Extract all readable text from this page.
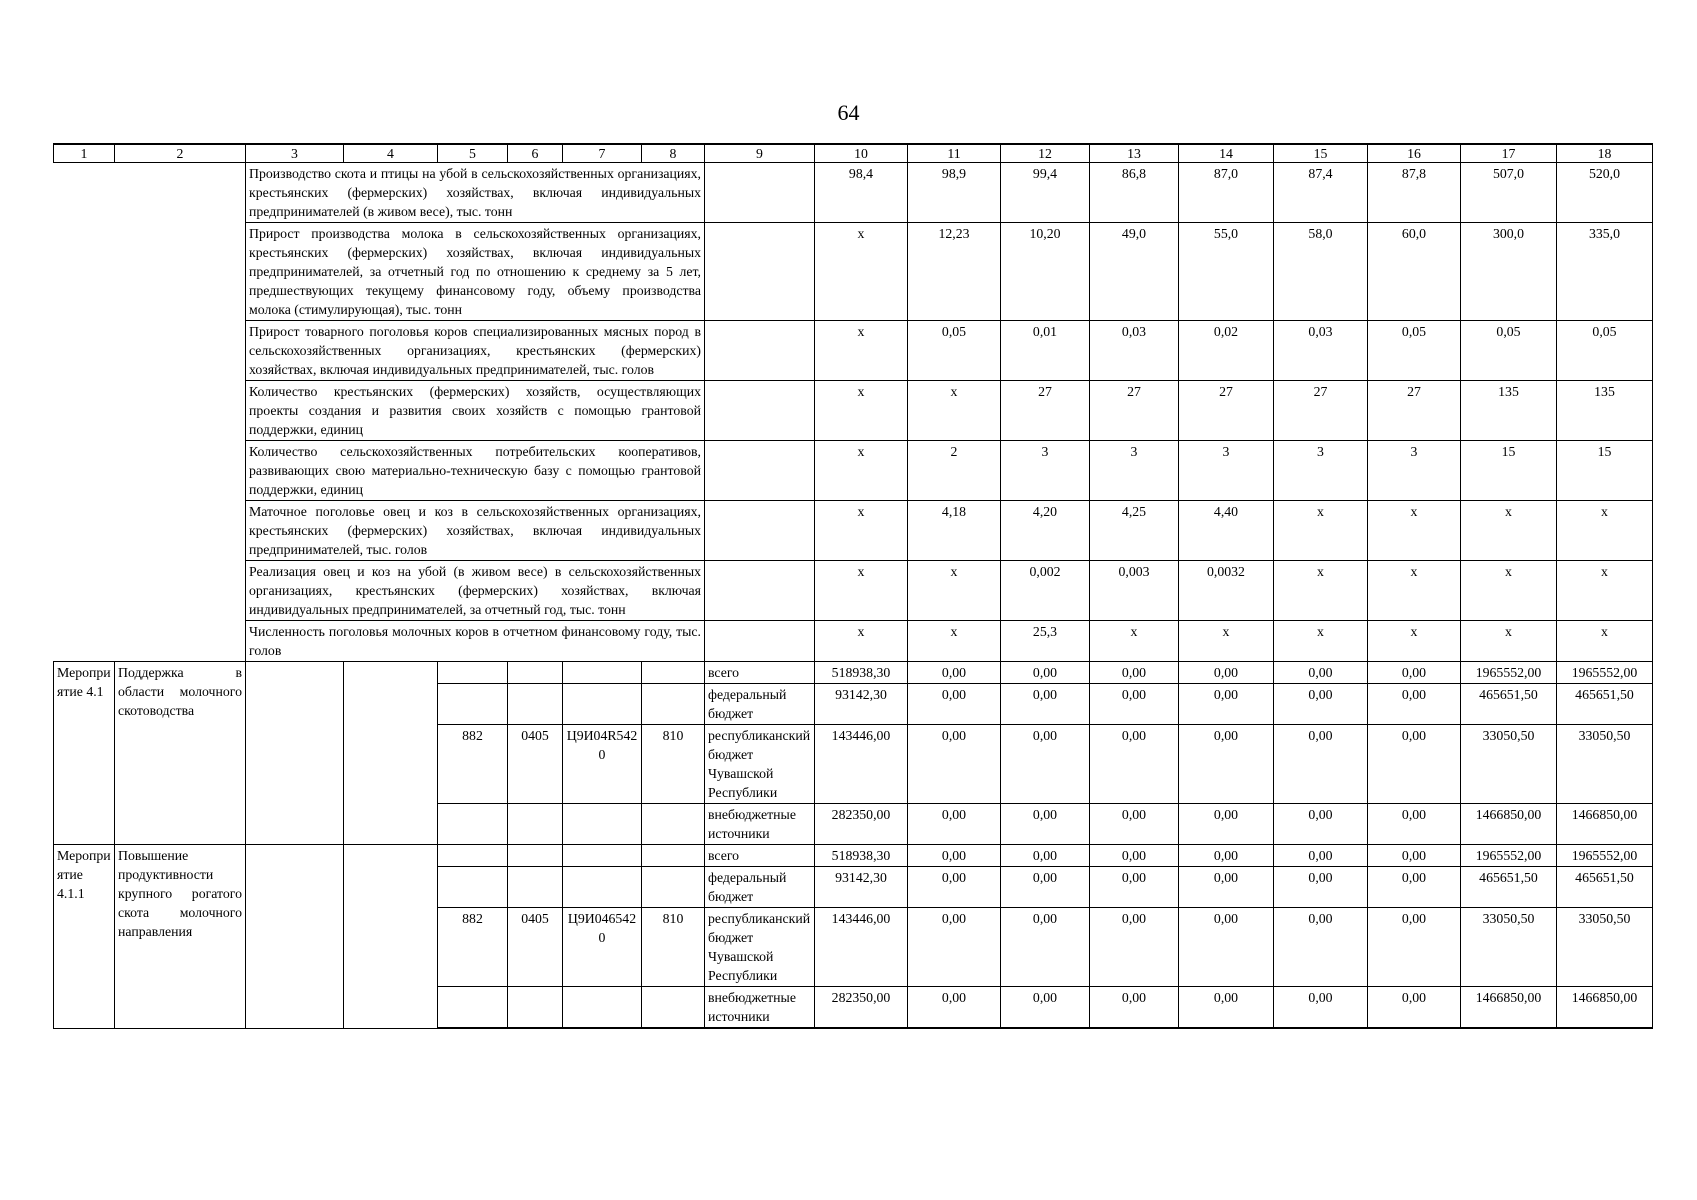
64
1	2	3	4	5	6	7	8	9	10	11	12	13	14	15	16	17	18
		Производство скота и птицы на убой в сельскохозяйственных организациях, крестьянских (фермерских) хозяйствах, включая индивидуальных предпринимателей (в живом весе), тыс. тонн							98,4	98,9	99,4	86,8	87,0	87,4	87,8	507,0	520,0
		Прирост производства молока в сельскохозяйственных организациях, крестьянских (фермерских) хозяйствах, включая индивидуальных предпринимателей, за отчетный год по отношению к среднему за 5 лет, предшествующих текущему финансовому году, объему производства молока (стимулирующая), тыс. тонн							х	12,23	10,20	49,0	55,0	58,0	60,0	300,0	335,0
		Прирост товарного поголовья коров специализированных мясных пород в сельскохозяйственных организациях, крестьянских (фермерских) хозяйствах, включая индивидуальных предпринимателей, тыс. голов							х	0,05	0,01	0,03	0,02	0,03	0,05	0,05	0,05
		Количество крестьянских (фермерских) хозяйств, осуществляющих проекты создания и развития своих хозяйств с помощью грантовой поддержки, единиц							х	х	27	27	27	27	27	135	135
		Количество сельскохозяйственных потребительских кооперативов, развивающих свою материально-техническую базу с помощью грантовой поддержки, единиц							х	2	3	3	3	3	3	15	15
		Маточное поголовье овец и коз в сельскохозяйственных организациях, крестьянских (фермерских) хозяйствах, включая индивидуальных предпринимателей, тыс. голов							х	4,18	4,20	4,25	4,40	х	х	х	х
		Реализация овец и коз на убой (в живом весе) в сельскохозяйственных организациях, крестьянских (фермерских) хозяйствах, включая индивидуальных предпринимателей, за отчетный год, тыс. тонн							х	х	0,002	0,003	0,0032	х	х	х	х
		Численность поголовья молочных коров в отчетном финансовому году, тыс. голов							х	х	25,3	х	х	х	х	х	х
Мероприятие 4.1	Поддержка в области молочного скотоводства							всего	518938,30	0,00	0,00	0,00	0,00	0,00	0,00	1965552,00	1965552,00
								федеральный бюджет	93142,30	0,00	0,00	0,00	0,00	0,00	0,00	465651,50	465651,50
				882	0405	Ц9И04R5420	810	республиканский бюджет Чувашской Республики	143446,00	0,00	0,00	0,00	0,00	0,00	0,00	33050,50	33050,50
								внебюджетные источники	282350,00	0,00	0,00	0,00	0,00	0,00	0,00	1466850,00	1466850,00
Мероприятие 4.1.1	Повышение продуктивности крупного рогатого скота молочного направления							всего	518938,30	0,00	0,00	0,00	0,00	0,00	0,00	1965552,00	1965552,00
								федеральный бюджет	93142,30	0,00	0,00	0,00	0,00	0,00	0,00	465651,50	465651,50
				882	0405	Ц9И0465420	810	республиканский бюджет Чувашской Республики	143446,00	0,00	0,00	0,00	0,00	0,00	0,00	33050,50	33050,50
								внебюджетные источники	282350,00	0,00	0,00	0,00	0,00	0,00	0,00	1466850,00	1466850,00
